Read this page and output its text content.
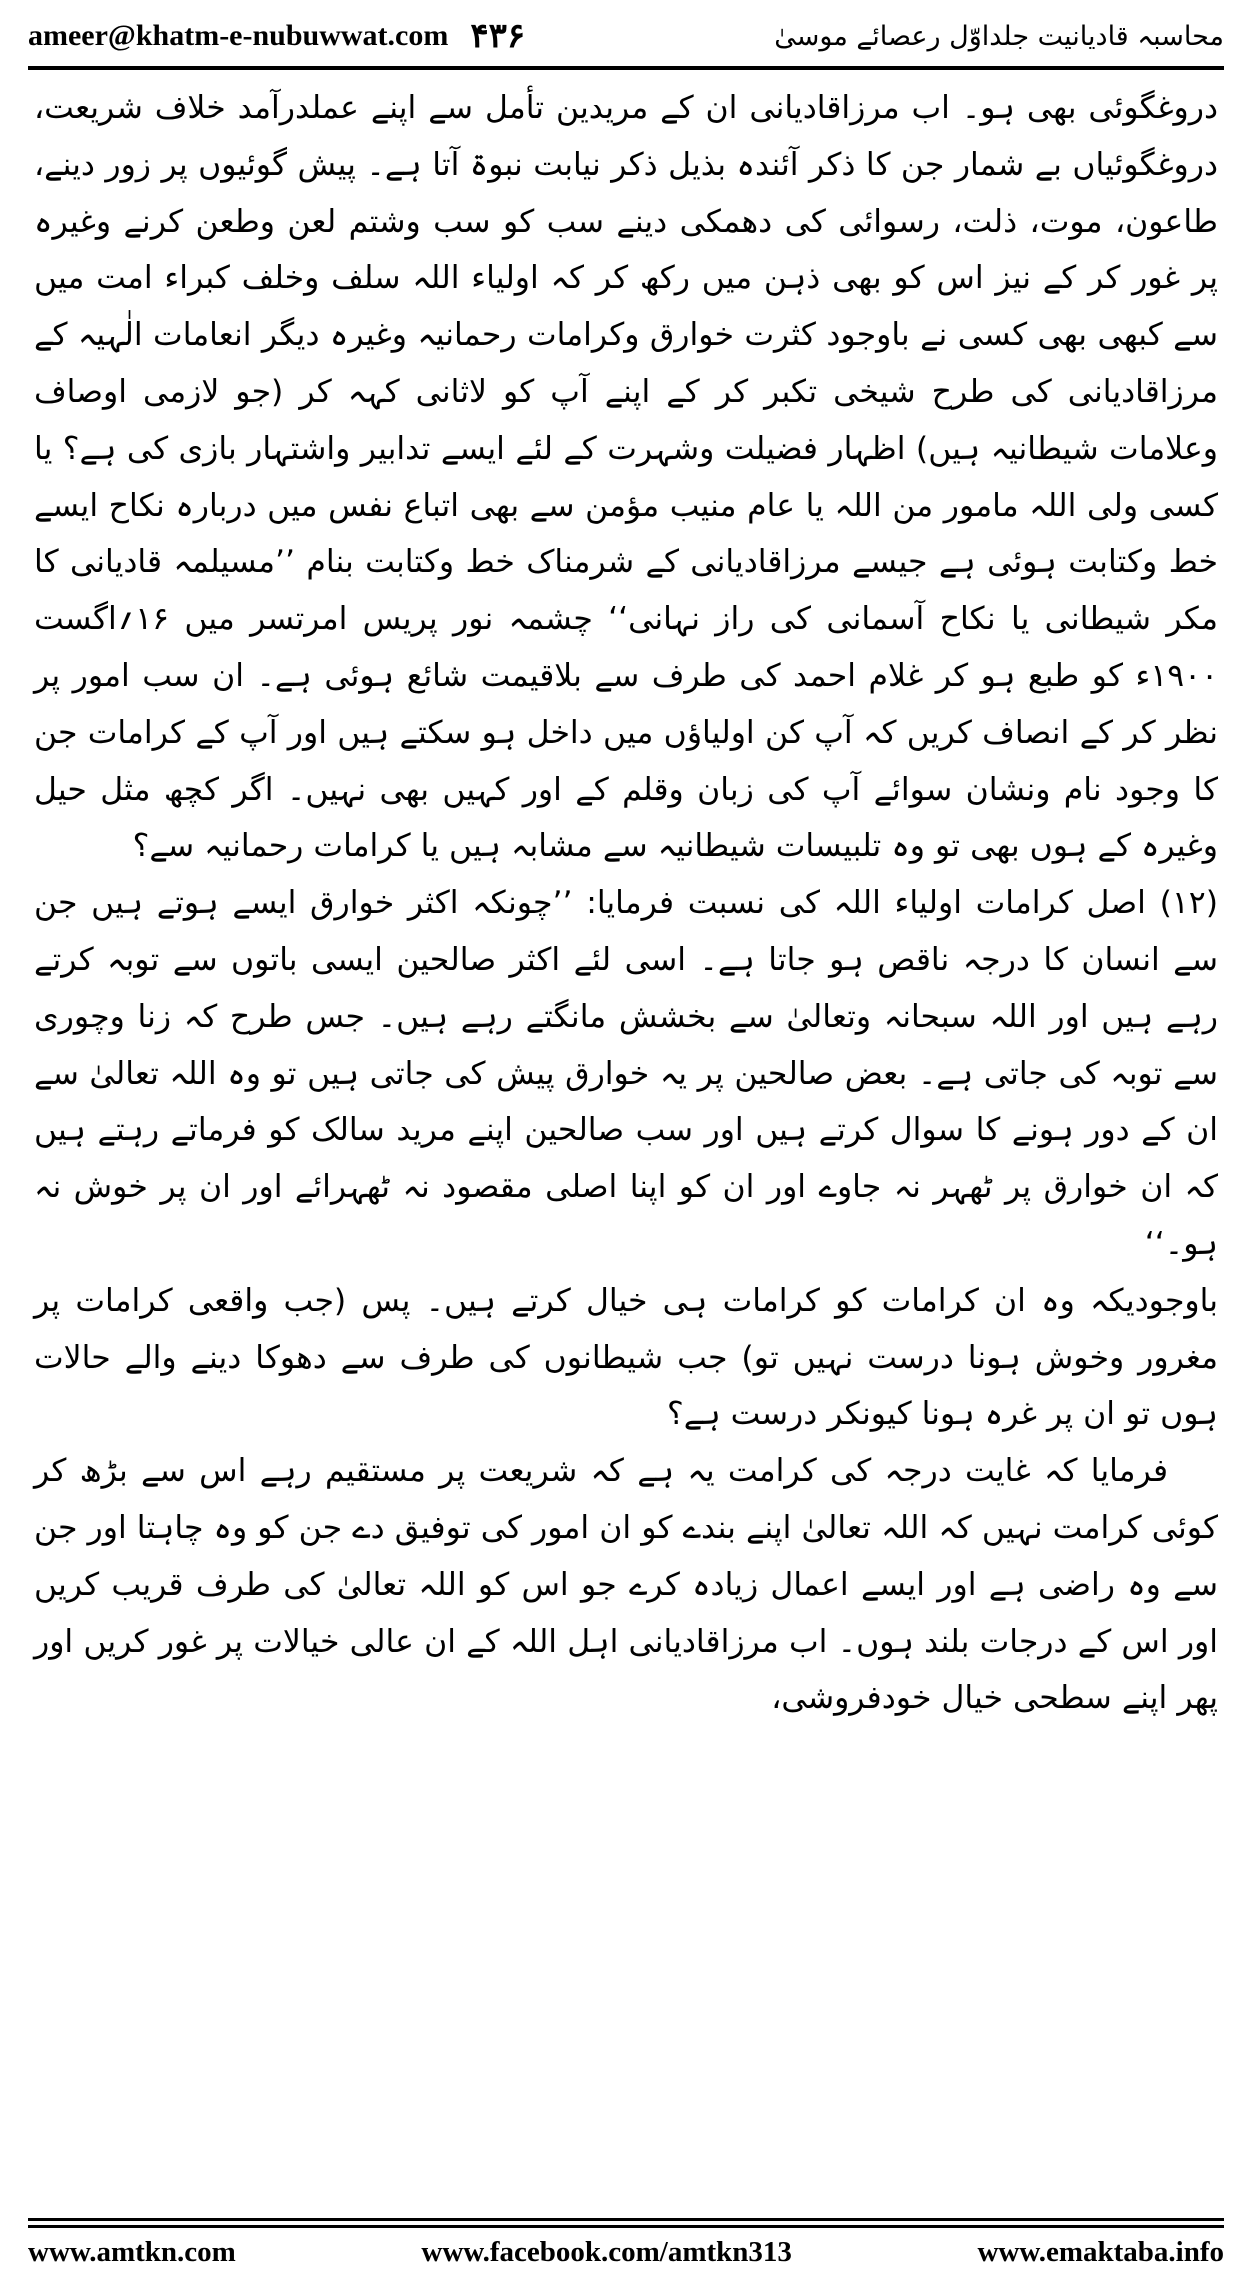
ameer@khatm-e-nubuwwat.com ۴۳۶	محاسبہ قادیانیت جلداوّل رعصائے موسیٰ

دروغگوئی بھی ہو۔ اب مرزاقادیانی ان کے مریدین تأمل سے اپنے عملدرآمد خلاف شریعت، دروغگوئیاں بے شمار جن کا ذکر آئندہ بذیل ذکر نیابت نبوۃ آتا ہے۔ پیش گوئیوں پر زور دینے، طاعون، موت، ذلت، رسوائی کی دھمکی دینے سب کو سب وشتم لعن وطعن کرنے وغیرہ پر غور کر کے نیز اس کو بھی ذہن میں رکھ کر کہ اولیاء اللہ سلف وخلف کبراء امت میں سے کبھی بھی کسی نے باوجود کثرت خوارق وکرامات رحمانیہ وغیرہ دیگر انعامات الٰہیہ کے مرزاقادیانی کی طرح شیخی تکبر کر کے اپنے آپ کو لاثانی کہہ کر (جو لازمی اوصاف وعلامات شیطانیہ ہیں) اظہار فضیلت وشہرت کے لئے ایسے تدابیر واشتہار بازی کی ہے؟ یا کسی ولی اللہ مامور من اللہ یا عام منیب مؤمن سے بھی اتباع نفس میں دربارہ نکاح ایسے خط وکتابت ہوئی ہے جیسے مرزاقادیانی کے شرمناک خط وکتابت بنام ’’مسیلمہ قادیانی کا مکر شیطانی یا نکاح آسمانی کی راز نہانی‘‘ چشمہ نور پریس امرتسر میں ۱۶؍اگست ۱۹۰۰ء کو طبع ہو کر غلام احمد کی طرف سے بلاقیمت شائع ہوئی ہے۔ ان سب امور پر نظر کر کے انصاف کریں کہ آپ کن اولیاؤں میں داخل ہو سکتے ہیں اور آپ کے کرامات جن کا وجود نام ونشان سوائے آپ کی زبان وقلم کے اور کہیں بھی نہیں۔ اگر کچھ مثل حیل وغیرہ کے ہوں بھی تو وہ تلبیسات شیطانیہ سے مشابہ ہیں یا کرامات رحمانیہ سے؟

(۱۲) اصل کرامات اولیاء اللہ کی نسبت فرمایا: ’’چونکہ اکثر خوارق ایسے ہوتے ہیں جن سے انسان کا درجہ ناقص ہو جاتا ہے۔ اسی لئے اکثر صالحین ایسی باتوں سے توبہ کرتے رہے ہیں اور اللہ سبحانہ وتعالیٰ سے بخشش مانگتے رہے ہیں۔ جس طرح کہ زنا وچوری سے توبہ کی جاتی ہے۔ بعض صالحین پر یہ خوارق پیش کی جاتی ہیں تو وہ اللہ تعالیٰ سے ان کے دور ہونے کا سوال کرتے ہیں اور سب صالحین اپنے مرید سالک کو فرماتے رہتے ہیں کہ ان خوارق پر ٹھہر نہ جاوے اور ان کو اپنا اصلی مقصود نہ ٹھہرائے اور ان پر خوش نہ ہو۔‘‘

باوجودیکہ وہ ان کرامات کو کرامات ہی خیال کرتے ہیں۔ پس (جب واقعی کرامات پر مغرور وخوش ہونا درست نہیں تو) جب شیطانوں کی طرف سے دھوکا دینے والے حالات ہوں تو ان پر غرہ ہونا کیونکر درست ہے؟

فرمایا کہ غایت درجہ کی کرامت یہ ہے کہ شریعت پر مستقیم رہے اس سے بڑھ کر کوئی کرامت نہیں کہ اللہ تعالیٰ اپنے بندے کو ان امور کی توفیق دے جن کو وہ چاہتا اور جن سے وہ راضی ہے اور ایسے اعمال زیادہ کرے جو اس کو اللہ تعالیٰ کی طرف قریب کریں اور اس کے درجات بلند ہوں۔ اب مرزاقادیانی اہل اللہ کے ان عالی خیالات پر غور کریں اور پھر اپنے سطحی خیال خودفروشی،

www.amtkn.com	www.facebook.com/amtkn313	www.emaktaba.info
